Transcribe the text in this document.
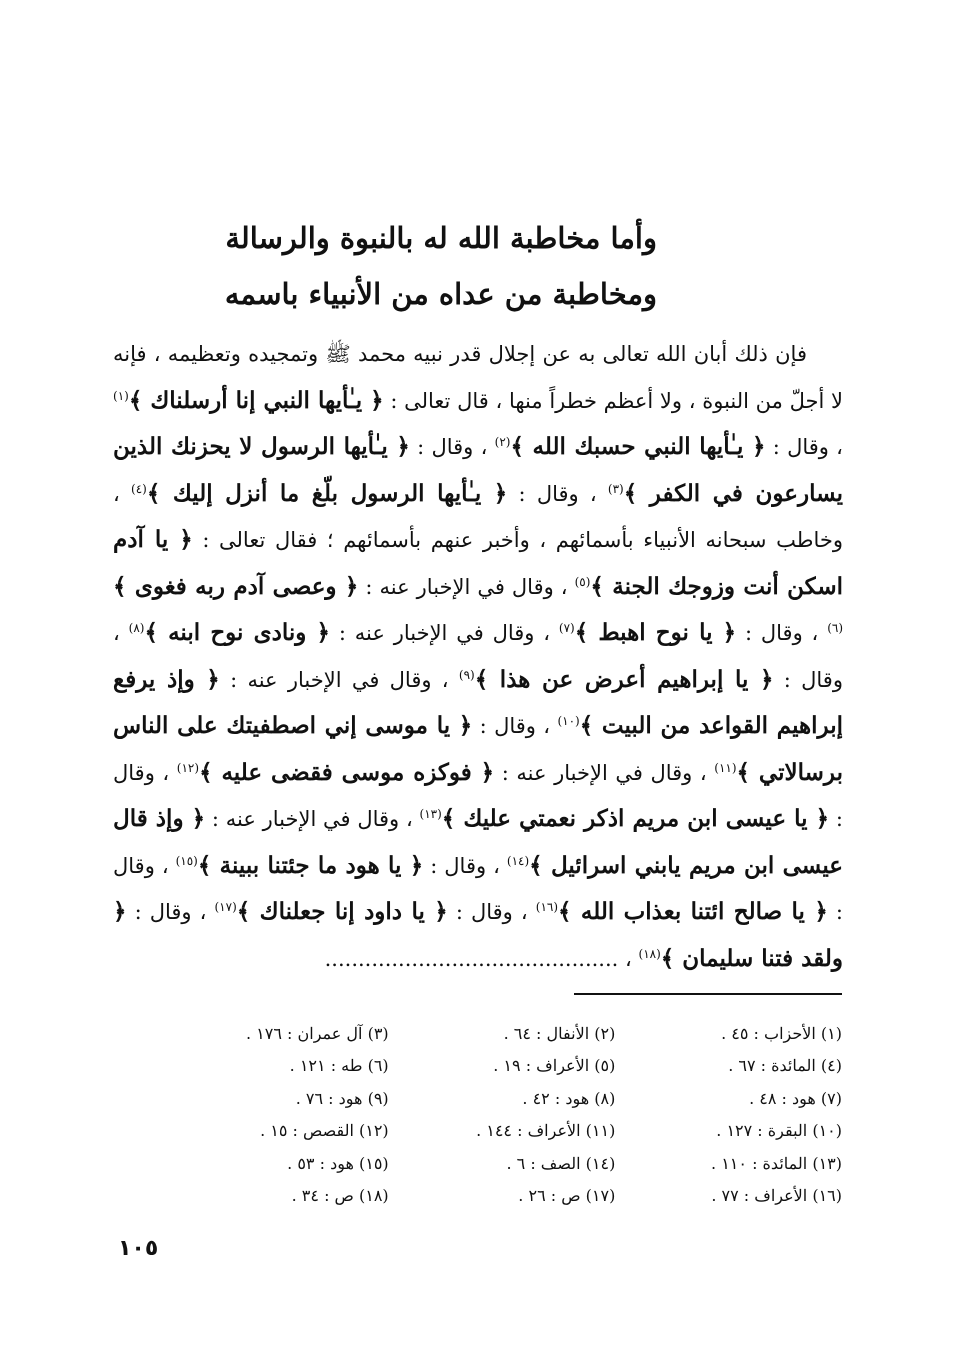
وأما مخاطبة الله له بالنبوة والرسالة
ومخاطبة من عداه من الأنبياء باسمه
فإن ذلك أبان الله تعالى به عن إجلال قدر نبيه محمد ﷺ وتمجيده وتعظيمه ، فإنه لا أجلّ من النبوة ، ولا أعظم خطراً منها ، قال تعالى : ﴿ يـٰأيها النبي إنا أرسلناك ﴾$^{(١)}$ ، وقال : ﴿ يـٰأيها النبي حسبك الله ﴾$^{(٢)}$ ، وقال : ﴿ يـٰأيها الرسول لا يحزنك الذين يسارعون في الكفر ﴾$^{(٣)}$ ، وقال : ﴿ يـٰأيها الرسول بلّغ ما أنزل إليك ﴾$^{(٤)}$ ، وخاطب سبحانه الأنبياء بأسمائهم ، وأخبر عنهم بأسمائهم ؛ فقال تعالى : ﴿ يا آدم اسكن أنت وزوجك الجنة ﴾$^{(٥)}$ ، وقال في الإخبار عنه : ﴿ وعصى آدم ربه فغوى ﴾$^{(٦)}$ ، وقال : ﴿ يا نوح اهبط ﴾$^{(٧)}$ ، وقال في الإخبار عنه : ﴿ ونادى نوح ابنه ﴾$^{(٨)}$ ، وقال : ﴿ يا إبراهيم أعرض عن هذا ﴾$^{(٩)}$ ، وقال في الإخبار عنه : ﴿ وإذ يرفع إبراهيم القواعد من البيت ﴾$^{(١٠)}$ ، وقال : ﴿ يا موسى إني اصطفيتك على الناس برسالاتي ﴾$^{(١١)}$ ، وقال في الإخبار عنه : ﴿ فوكزه موسى فقضى عليه ﴾$^{(١٢)}$ ، وقال : ﴿ يا عيسى ابن مريم اذكر نعمتي عليك ﴾$^{(١٣)}$ ، وقال في الإخبار عنه : ﴿ وإذ قال عيسى ابن مريم يابني اسرائيل ﴾$^{(١٤)}$ ، وقال : ﴿ يا هود ما جئتنا ببينة ﴾$^{(١٥)}$ ، وقال : ﴿ يا صالح ائتنا بعذاب الله ﴾$^{(١٦)}$ ، وقال : ﴿ يا داود إنا جعلناك ﴾$^{(١٧)}$ ، وقال : ﴿ ولقد فتنا سليمان ﴾$^{(١٨)}$ ، ............................................
(١) الأحزاب : ٤٥ .
(٢) الأنفال : ٦٤ .
(٣) آل عمران : ١٧٦ .
(٤) المائدة : ٦٧ .
(٥) الأعراف : ١٩ .
(٦) طه : ١٢١ .
(٧) هود : ٤٨ .
(٨) هود : ٤٢ .
(٩) هود : ٧٦ .
(١٠) البقرة : ١٢٧ .
(١١) الأعراف : ١٤٤ .
(١٢) القصص : ١٥ .
(١٣) المائدة : ١١٠ .
(١٤) الصف : ٦ .
(١٥) هود : ٥٣ .
(١٦) الأعراف : ٧٧ .
(١٧) ص : ٢٦ .
(١٨) ص : ٣٤ .
١٠٥
